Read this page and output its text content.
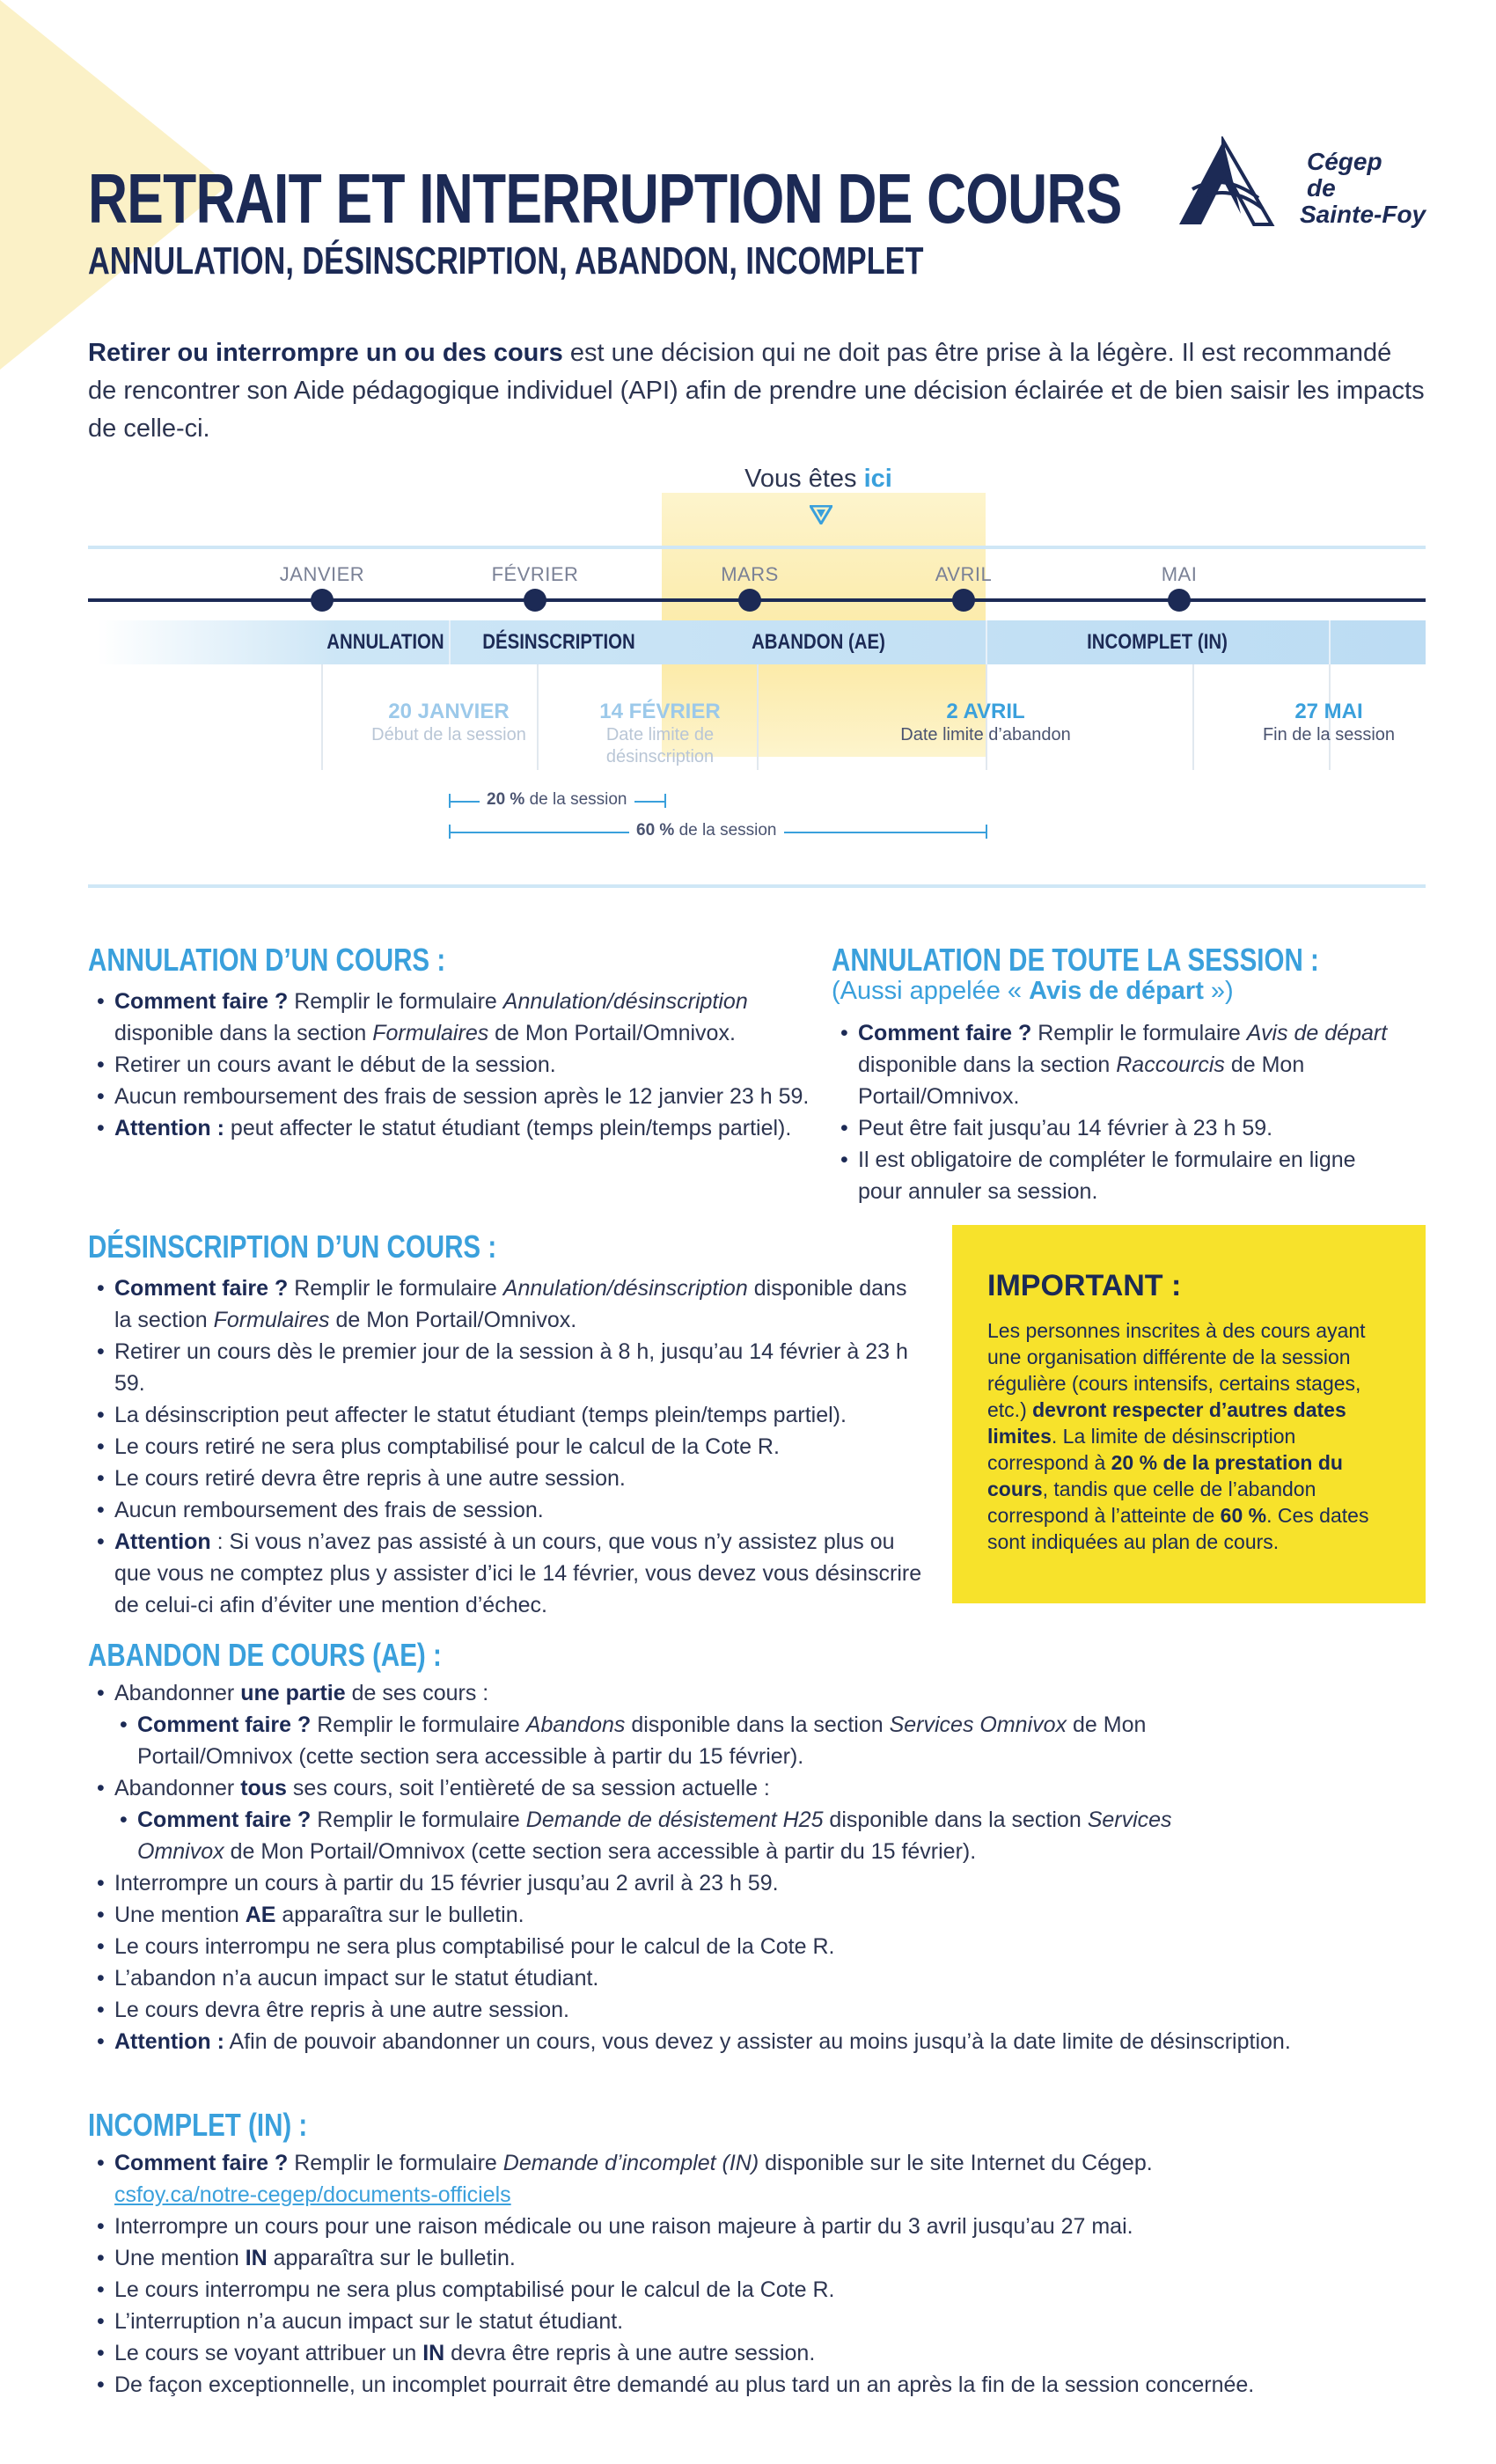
RETRAIT ET INTERRUPTION DE COURS
ANNULATION, DÉSINSCRIPTION, ABANDON, INCOMPLET
Cégep
de
Sainte-Foy
Retirer ou interrompre un ou des cours est une décision qui ne doit pas être prise à la légère. Il est recommandé de rencontrer son Aide pédagogique individuel (API) afin de prendre une décision éclairée et de bien saisir les impacts de celle-ci.
Vous êtes ici
JANVIER	FÉVRIER	MARS	AVRIL	MAI
ANNULATION	DÉSINSCRIPTION	ABANDON (AE)	INCOMPLET (IN)
20 JANVIER
Début de la session
14 FÉVRIER
Date limite de désinscription
2 AVRIL
Date limite d’abandon
27 MAI
Fin de la session
20 % de la session
60 % de la session
ANNULATION D’UN COURS :
• Comment faire ? Remplir le formulaire Annulation/désinscription disponible dans la section Formulaires de Mon Portail/Omnivox.
• Retirer un cours avant le début de la session.
• Aucun remboursement des frais de session après le 12 janvier 23 h 59.
• Attention : peut affecter le statut étudiant (temps plein/temps partiel).
ANNULATION DE TOUTE LA SESSION :
(Aussi appelée « Avis de départ »)
• Comment faire ? Remplir le formulaire Avis de départ disponible dans la section Raccourcis de Mon Portail/Omnivox.
• Peut être fait jusqu’au 14 février à 23 h 59.
• Il est obligatoire de compléter le formulaire en ligne pour annuler sa session.
DÉSINSCRIPTION D’UN COURS :
• Comment faire ? Remplir le formulaire Annulation/désinscription disponible dans la section Formulaires de Mon Portail/Omnivox.
• Retirer un cours dès le premier jour de la session à 8 h, jusqu’au 14 février à 23 h 59.
• La désinscription peut affecter le statut étudiant (temps plein/temps partiel).
• Le cours retiré ne sera plus comptabilisé pour le calcul de la Cote R.
• Le cours retiré devra être repris à une autre session.
• Aucun remboursement des frais de session.
• Attention : Si vous n’avez pas assisté à un cours, que vous n’y assistez plus ou que vous ne comptez plus y assister d’ici le 14 février, vous devez vous désinscrire de celui-ci afin d’éviter une mention d’échec.
IMPORTANT :
Les personnes inscrites à des cours ayant une organisation différente de la session régulière (cours intensifs, certains stages, etc.) devront respecter d’autres dates limites. La limite de désinscription correspond à 20 % de la prestation du cours, tandis que celle de l’abandon correspond à l’atteinte de 60 %. Ces dates sont indiquées au plan de cours.
ABANDON DE COURS (AE) :
• Abandonner une partie de ses cours :
• Comment faire ? Remplir le formulaire Abandons disponible dans la section Services Omnivox de Mon Portail/Omnivox (cette section sera accessible à partir du 15 février).
• Abandonner tous ses cours, soit l’entièreté de sa session actuelle :
• Comment faire ? Remplir le formulaire Demande de désistement H25 disponible dans la section Services Omnivox de Mon Portail/Omnivox (cette section sera accessible à partir du 15 février).
• Interrompre un cours à partir du 15 février jusqu’au 2 avril à 23 h 59.
• Une mention AE apparaîtra sur le bulletin.
• Le cours interrompu ne sera plus comptabilisé pour le calcul de la Cote R.
• L’abandon n’a aucun impact sur le statut étudiant.
• Le cours devra être repris à une autre session.
• Attention : Afin de pouvoir abandonner un cours, vous devez y assister au moins jusqu’à la date limite de désinscription.
INCOMPLET (IN) :
• Comment faire ? Remplir le formulaire Demande d’incomplet (IN) disponible sur le site Internet du Cégep.
csfoy.ca/notre-cegep/documents-officiels
• Interrompre un cours pour une raison médicale ou une raison majeure à partir du 3 avril jusqu’au 27 mai.
• Une mention IN apparaîtra sur le bulletin.
• Le cours interrompu ne sera plus comptabilisé pour le calcul de la Cote R.
• L’interruption n’a aucun impact sur le statut étudiant.
• Le cours se voyant attribuer un IN devra être repris à une autre session.
• De façon exceptionnelle, un incomplet pourrait être demandé au plus tard un an après la fin de la session concernée.
